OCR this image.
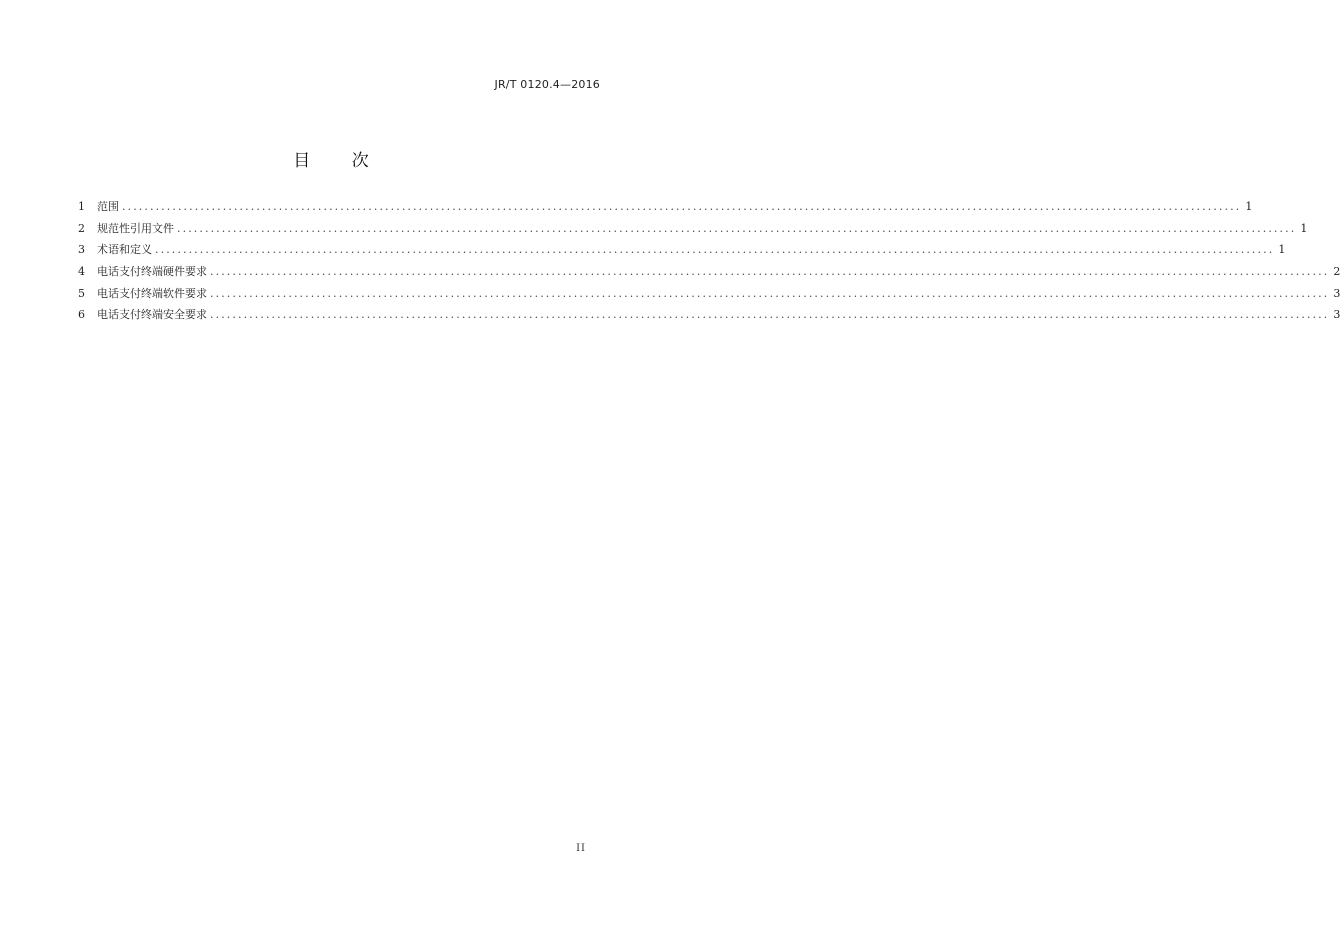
JR/T 0120.4—2016
目 次
1	范围 ........................................................................................................................................................................................................ 1
2	规范性引用文件 ........................................................................................................................................................................................................ 1
3	术语和定义 ........................................................................................................................................................................................................ 1
4	电话支付终端硬件要求 ........................................................................................................................................................................................................ 2
5	电话支付终端软件要求 ........................................................................................................................................................................................................ 3
6	电话支付终端安全要求 ........................................................................................................................................................................................................ 3
II
